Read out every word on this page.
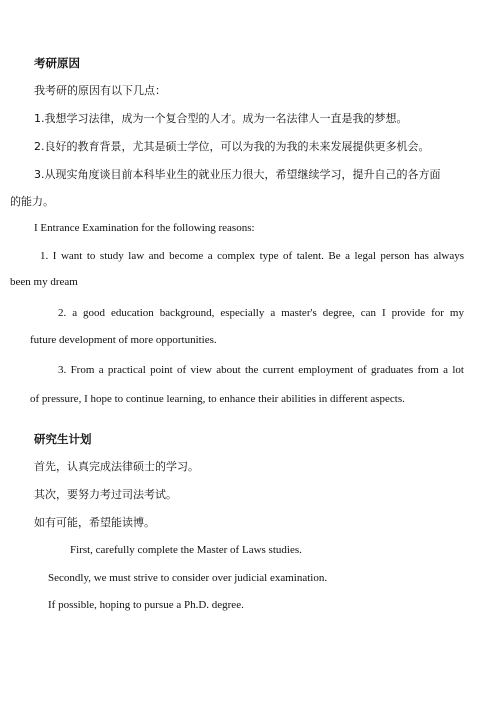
考研原因

我考研的原因有以下几点：

1.我想学习法律，成为一个复合型的人才。成为一名法律人一直是我的梦想。

2.良好的教育背景，尤其是硕士学位，可以为我的为我的未来发展提供更多机会。

3.从现实角度谈目前本科毕业生的就业压力很大，希望继续学习，提升自己的各方面

的能力。

I Entrance Examination for the following reasons:

1. I want to study law and become a complex type of talent. Be a legal person has always

been my dream

2. a good education background, especially a master's degree, can I provide for my

future development of more opportunities.

3. From a practical point of view about the current employment of graduates from a lot

of pressure, I hope to continue learning, to enhance their abilities in different aspects.

研究生计划

首先，认真完成法律硕士的学习。

其次，要努力考过司法考试。

如有可能，希望能读博。

First, carefully complete the Master of Laws studies.

Secondly, we must strive to consider over judicial examination.

If possible, hoping to pursue a Ph.D. degree.
